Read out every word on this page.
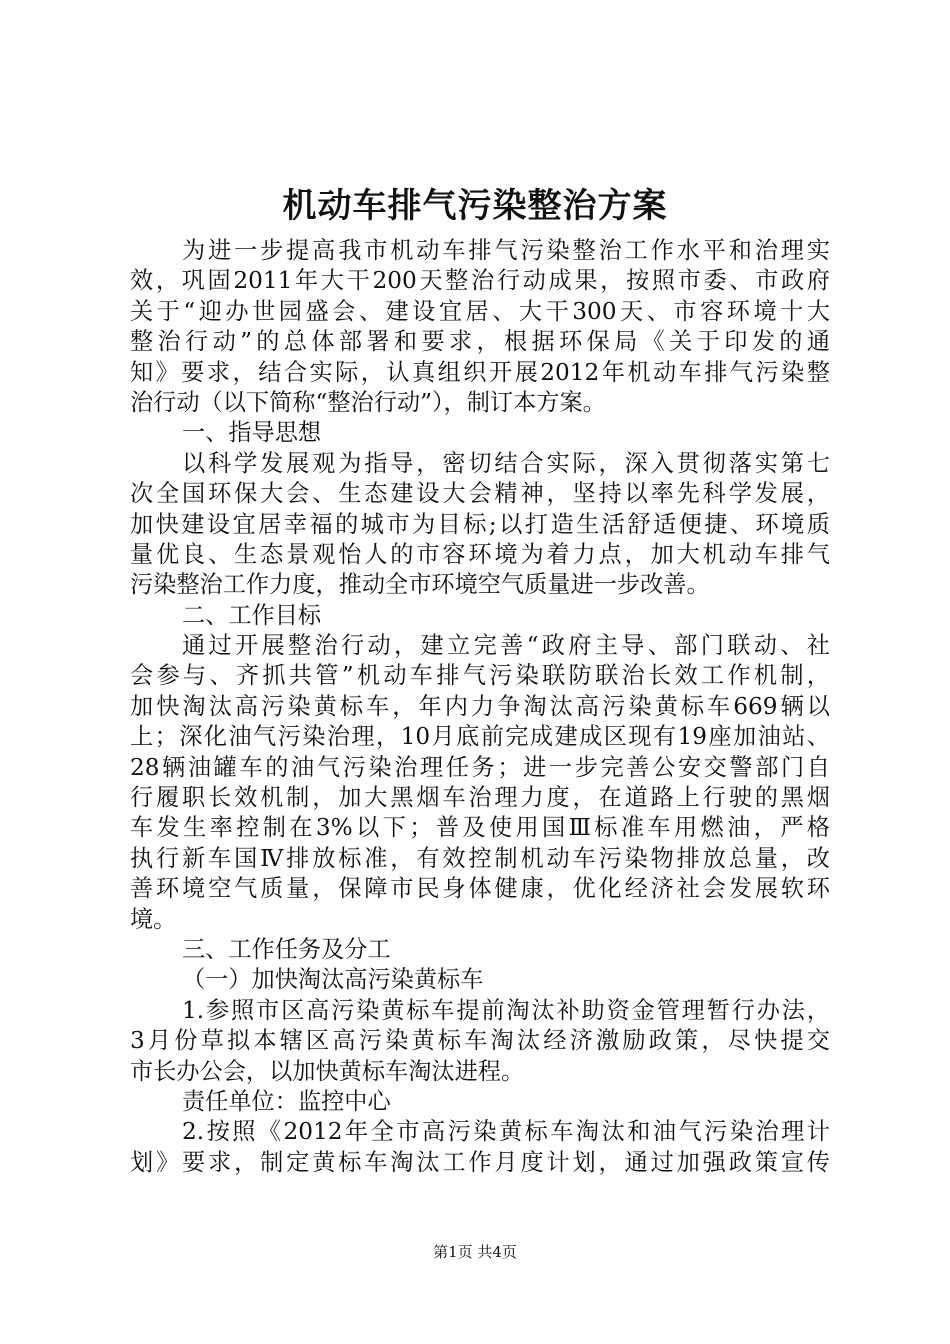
机动车排气污染整治方案
为进一步提高我市机动车排气污染整治工作水平和治理实
效，巩固2011年大干200天整治行动成果，按照市委、市政府
关于“迎办世园盛会、建设宜居、大干300天、市容环境十大
整治行动”的总体部署和要求，根据环保局《关于印发的通
知》要求，结合实际，认真组织开展2012年机动车排气污染整
治行动（以下简称“整治行动”），制订本方案。
一、指导思想
以科学发展观为指导，密切结合实际，深入贯彻落实第七
次全国环保大会、生态建设大会精神，坚持以率先科学发展，
加快建设宜居幸福的城市为目标;以打造生活舒适便捷、环境质
量优良、生态景观怡人的市容环境为着力点，加大机动车排气
污染整治工作力度，推动全市环境空气质量进一步改善。
二、工作目标
通过开展整治行动，建立完善“政府主导、部门联动、社
会参与、齐抓共管”机动车排气污染联防联治长效工作机制，
加快淘汰高污染黄标车，年内力争淘汰高污染黄标车669辆以
上；深化油气污染治理，10月底前完成建成区现有19座加油站、
28辆油罐车的油气污染治理任务；进一步完善公安交警部门自
行履职长效机制，加大黑烟车治理力度，在道路上行驶的黑烟
车发生率控制在3%以下；普及使用国Ⅲ标准车用燃油，严格
执行新车国Ⅳ排放标准，有效控制机动车污染物排放总量，改
善环境空气质量，保障市民身体健康，优化经济社会发展软环
境。
三、工作任务及分工
（一）加快淘汰高污染黄标车
1.参照市区高污染黄标车提前淘汰补助资金管理暂行办法，
3月份草拟本辖区高污染黄标车淘汰经济激励政策，尽快提交
市长办公会，以加快黄标车淘汰进程。
责任单位：监控中心
2.按照《2012年全市高污染黄标车淘汰和油气污染治理计
划》要求，制定黄标车淘汰工作月度计划，通过加强政策宣传
第1页 共4页
